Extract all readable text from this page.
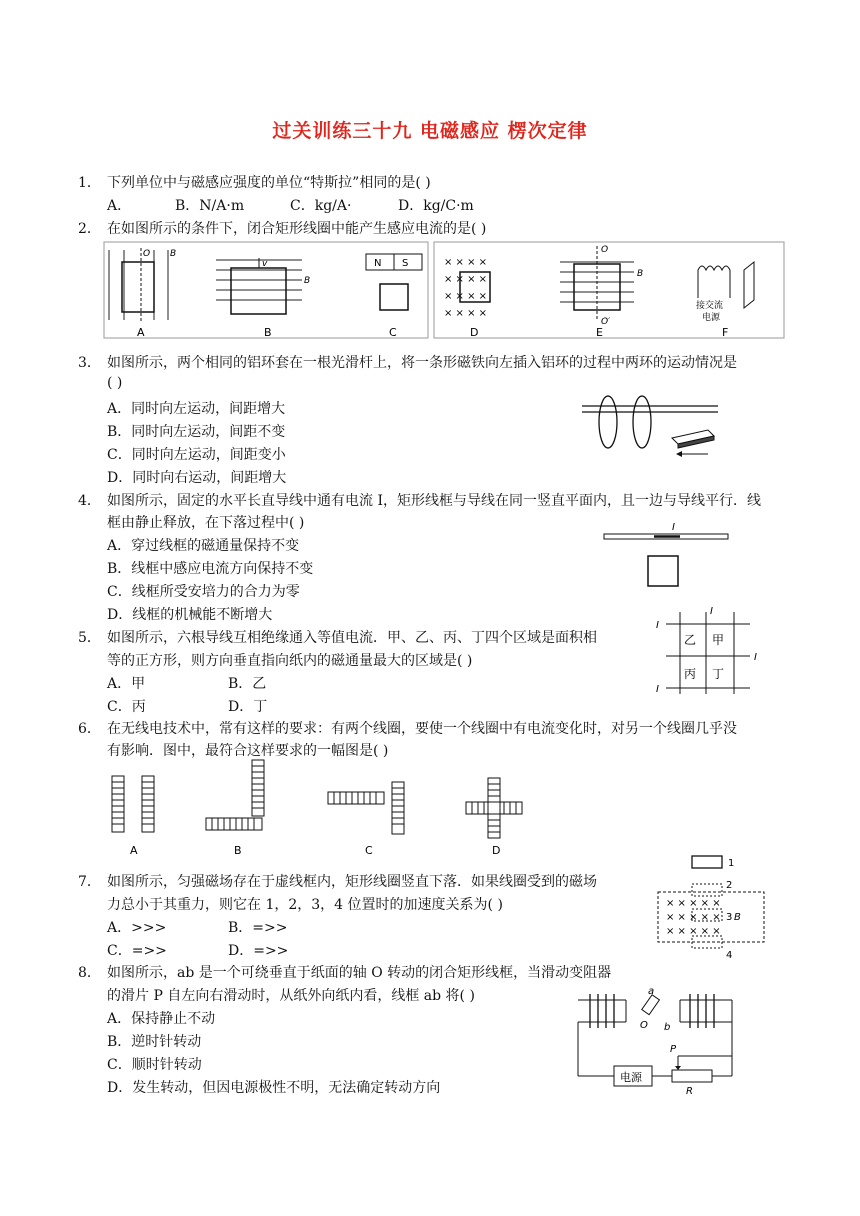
过关训练三十九 电磁感应 楞次定律
1． 下列单位中与磁感应强度的单位“特斯拉”相同的是( )
A．	B．N/A·m	C．kg/A·	D．kg/C·m
2． 在如图所示的条件下，闭合矩形线圈中能产生感应电流的是( )
O B
A
v
B
B
N S
C
× × × ×
× × × ×
× × × ×
× × × ×
D
O
B
O′
E
接交流
电源
F
3． 如图所示，两个相同的铝环套在一根光滑杆上，将一条形磁铁向左插入铝环的过程中两环的运动情况是
( )
A．同时向左运动，间距增大
B．同时向左运动，间距不变
C．同时向左运动，间距变小
D．同时向右运动，间距增大
4． 如图所示，固定的水平长直导线中通有电流 I，矩形线框与导线在同一竖直平面内，且一边与导线平行．线
框由静止释放，在下落过程中( )
A．穿过线框的磁通量保持不变
B．线框中感应电流方向保持不变
C．线框所受安培力的合力为零
D．线框的机械能不断增大
I
5． 如图所示，六根导线互相绝缘通入等值电流．甲、乙、丙、丁四个区域是面积相
等的正方形，则方向垂直指向纸内的磁通量最大的区域是( )
A．甲	B．乙
C．丙	D．丁
I
I
I
I
乙 甲
丙 丁
6． 在无线电技术中，常有这样的要求：有两个线圈，要使一个线圈中有电流变化时，对另一个线圈几乎没
有影响．图中，最符合这样要求的一幅图是( )
A	B	C	D
7． 如图所示，匀强磁场存在于虚线框内，矩形线圈竖直下落．如果线圈受到的磁场
力总小于其重力，则它在 1，2，3，4 位置时的加速度关系为( )
A．>>>	B．=>>
C．=>>	D．=>>
1
2
3
4
× × × × ×
× × × × ×
× × × × ×
B
8． 如图所示，ab 是一个可绕垂直于纸面的轴 O 转动的闭合矩形线框，当滑动变阻器
的滑片 P 自左向右滑动时，从纸外向纸内看，线框 ab 将( )
A．保持静止不动
B．逆时针转动
C．顺时针转动
D．发生转动，但因电源极性不明，无法确定转动方向
a
b
O
电源
P
R
